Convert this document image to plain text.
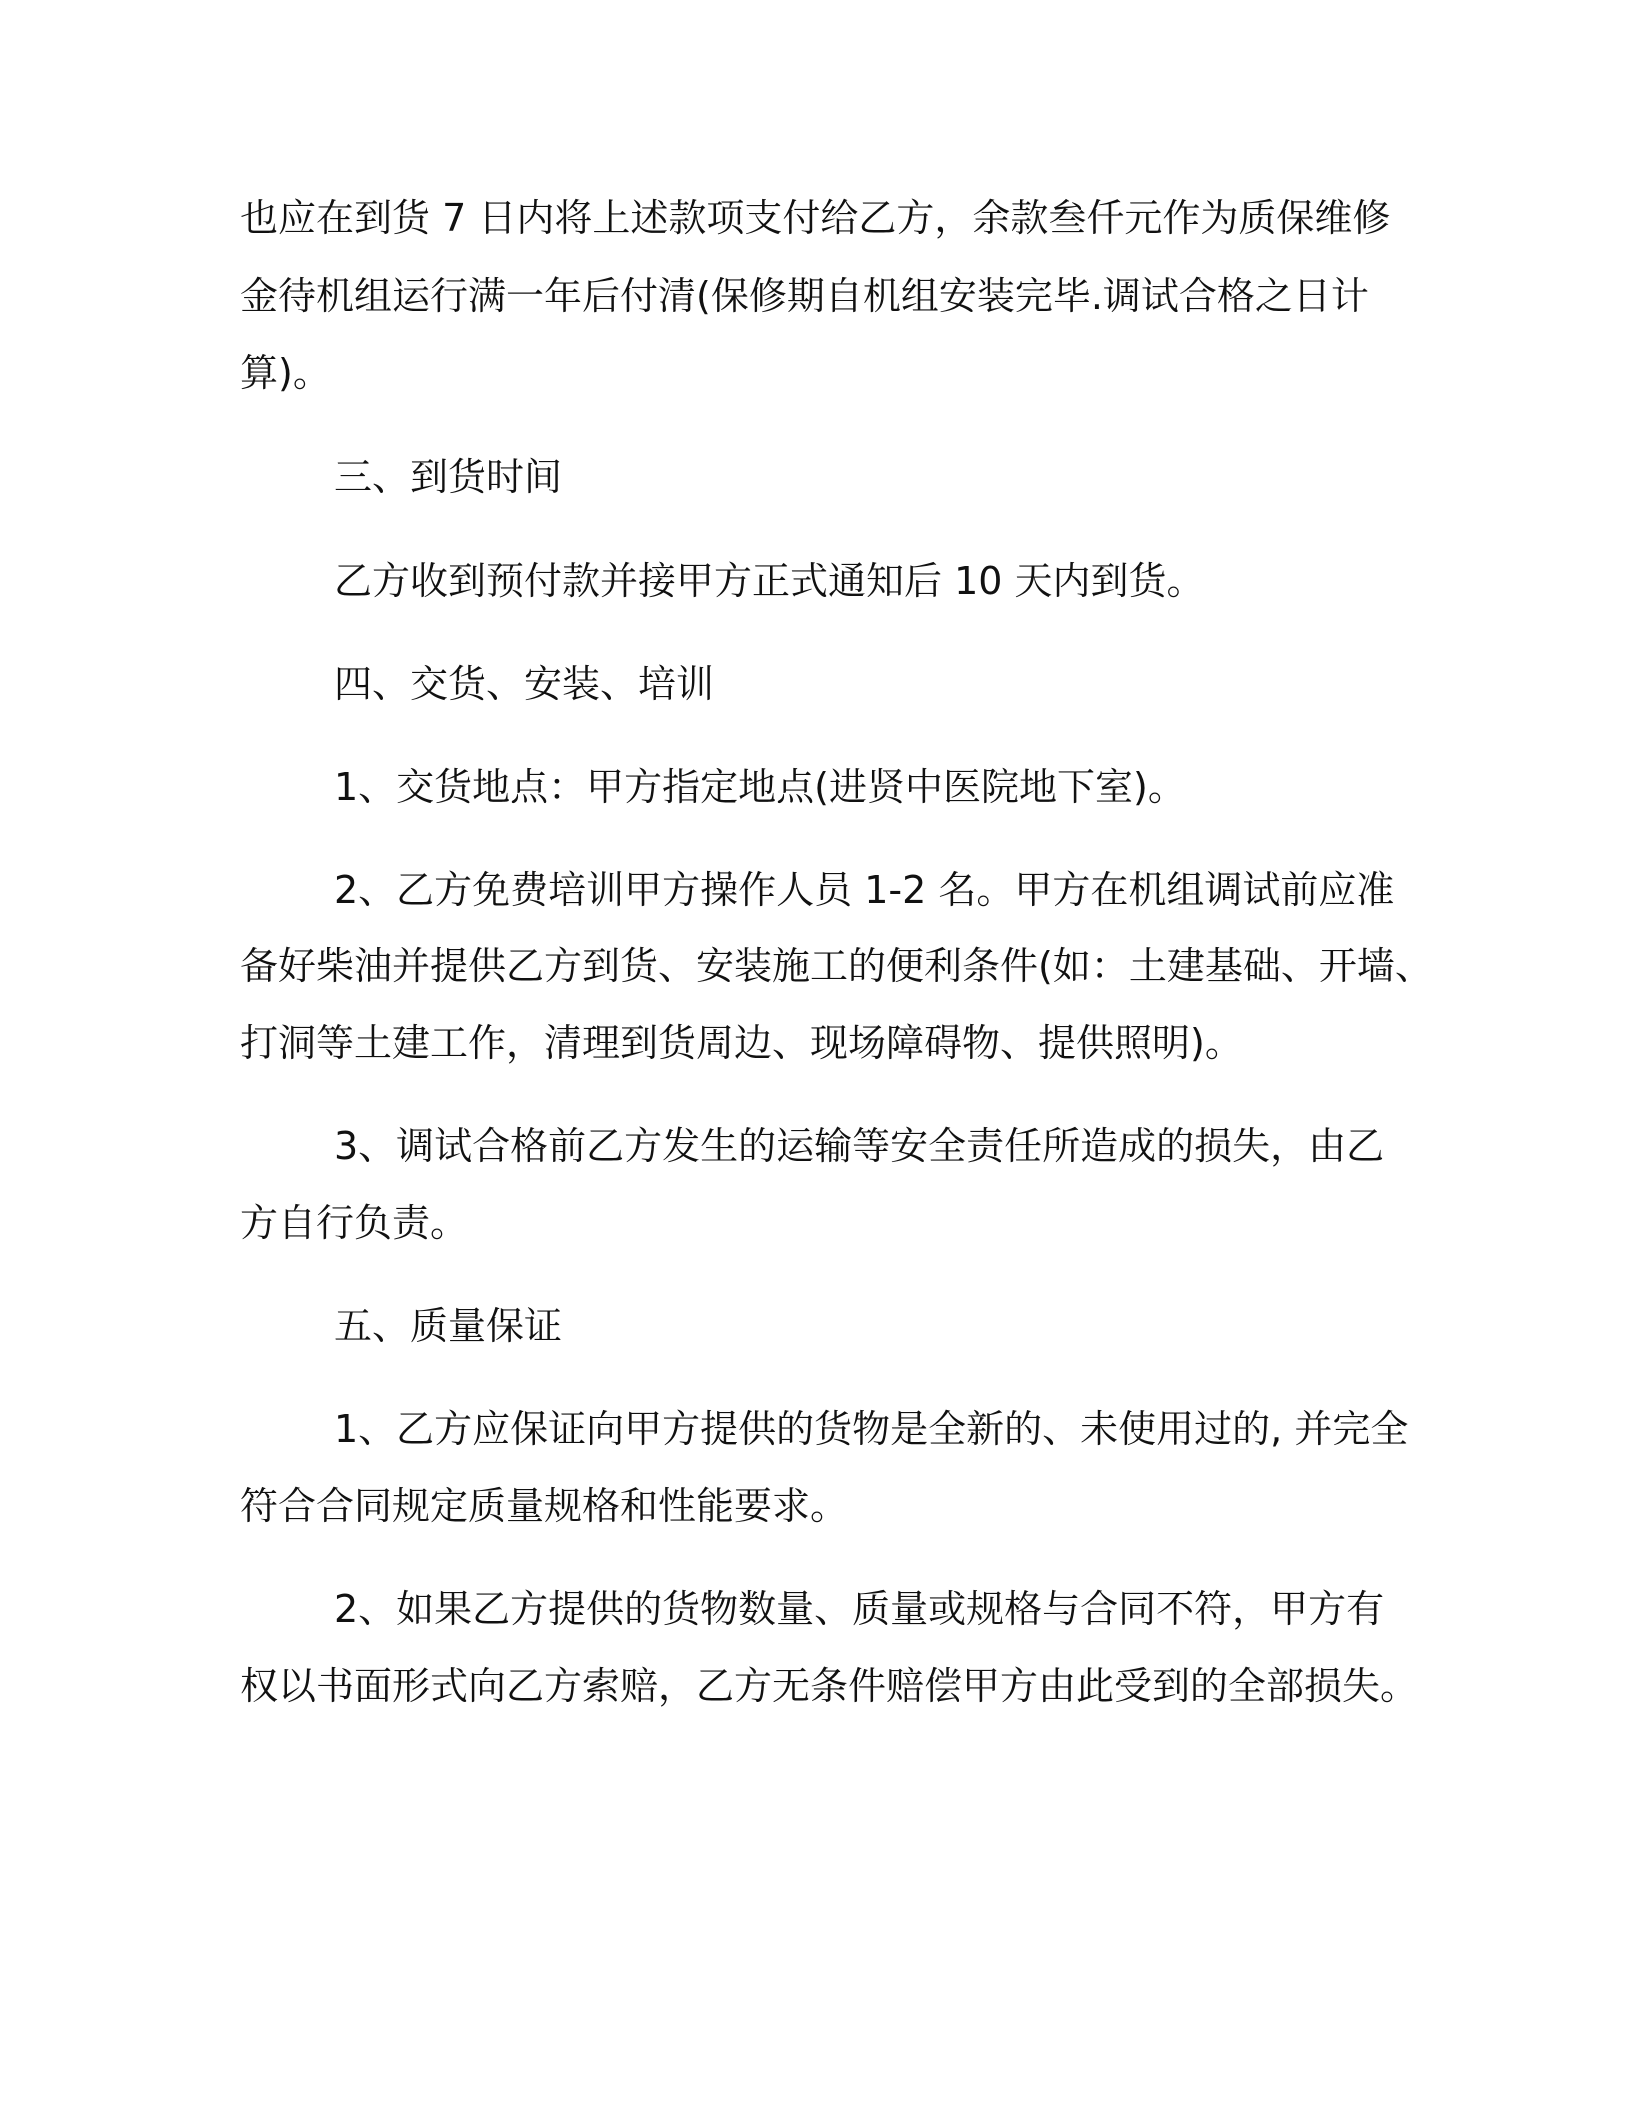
也应在到货 7 日内将上述款项支付给乙方，余款叁仟元作为质保维修

金待机组运行满一年后付清(保修期自机组安装完毕.调试合格之日计

算)。

三、到货时间

乙方收到预付款并接甲方正式通知后 10 天内到货。

四、交货、安装、培训

1、交货地点：甲方指定地点(进贤中医院地下室)。

2、乙方免费培训甲方操作人员 1-2 名。甲方在机组调试前应准

备好柴油并提供乙方到货、安装施工的便利条件(如：土建基础、开墙、

打洞等土建工作，清理到货周边、现场障碍物、提供照明)。

3、调试合格前乙方发生的运输等安全责任所造成的损失，由乙

方自行负责。

五、质量保证

1、乙方应保证向甲方提供的货物是全新的、未使用过的, 并完全

符合合同规定质量规格和性能要求。

2、如果乙方提供的货物数量、质量或规格与合同不符，甲方有

权以书面形式向乙方索赔，乙方无条件赔偿甲方由此受到的全部损失。
